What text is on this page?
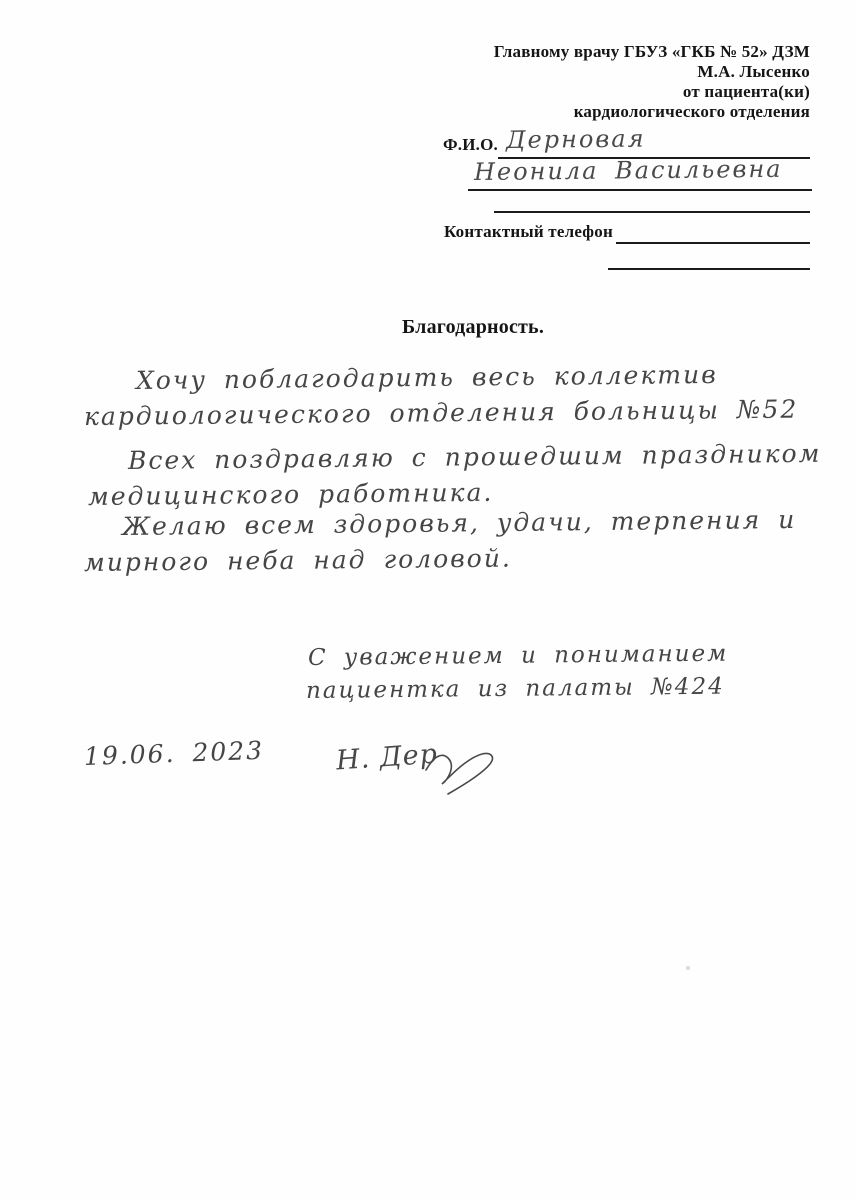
Главному врачу ГБУЗ «ГКБ № 52» ДЗМ
М.А. Лысенко
от пациента(ки)
кардиологического отделения
Ф.И.О. Дерновая
Неонила Васильевна
Контактный телефон
Благодарность.
Хочу поблагодарить весь коллектив
кардиологического отделения больницы №52
Всех поздравляю с прошедшим праздником
медицинского работника.
Желаю всем здоровья, удачи, терпения и
мирного неба над головой.
С уважением и пониманием
пациентка из палаты №424
19.06. 2023	Н. Дер
